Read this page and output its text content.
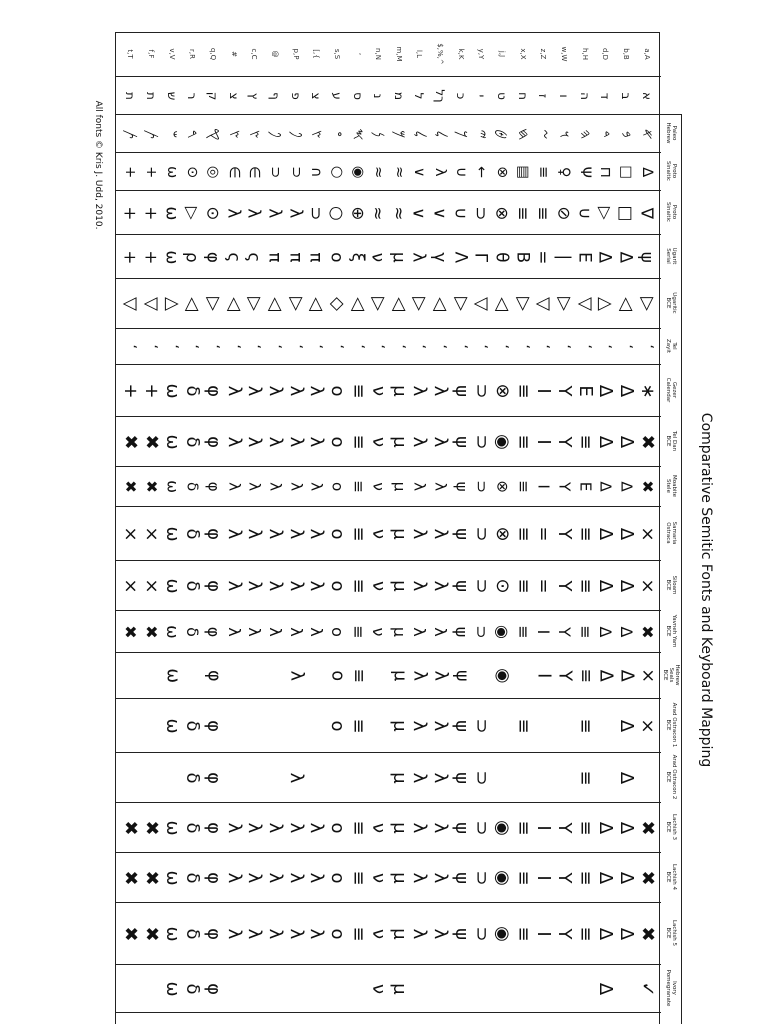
Comparative Semitic Fonts and Keyboard Mapping
All fonts © Kris J. Udd, 2010.
a,A
b,B
d,D
h,H
w,W
z,Z
x,X
j,J
y,Y
k,K
$,%,^
l,L
m,M
n,N
‘
s,S
[,{
p,P
@
c,C
#
q,Q
r,R
v,V
f,F
t,T
א
ב
ד
ה
ו
ז
ח
ט
י
כ
ךל
ל
מ
נ
ס
ע
צ
פ
ף
ץ
צ
ק
ר
ש
ת
ת
𐤀
𐤁
𐤃
𐤄
𐤅
𐤆
𐤇
𐤈
𐤉
𐤊
𐤋
𐤋
𐤌
𐤍
𐤎
𐤏
𐤑
𐤐
𐤐
𐤑
𐤑
𐤒
𐤓
𐤔
𐤕
𐤕
∆
□
⊓
Ψ
♀
≡
▤
⊗
←
∪
λ
∨
≈
≈
◉
○
∩
⊃
⊃
∈
∈
◎
⊙
ω
+
+
∇
□
▷
∪
⊘
≡
≡
⊗
⊃
∪
∨
∨
≈
≈
⊕
○
⊃
λ
λ
λ
λ
⊙
▷
ω
+
+
ψ
Δ
Δ
E
|
=
Β
θ
Γ
Λ
γ
λ
μ
ν
ξ
o
π
π
π
ς
ς
φ
ρ
ω
+
+
▷
◁
△
▽
▷
▽
▷
◁
▽
▷
◁
▷
◁
▷
◁
◇
◁
▷
◁
▷
◁
▷
◁
△
▽
▽
‘
‘
‘
‘
‘
‘
‘
‘
‘
‘
‘
‘
‘
‘
‘
‘
‘
‘
‘
‘
‘
‘
‘
‘
‘
‘
∗
Δ
Δ
E
Y
I
≡
⊗
⊃
ψ
λ
λ
μ
ν
≡
o
λ
λ
λ
λ
λ
φ
δ
ω
+
+
✖
Δ
Δ
≡
Y
I
≡
◉
⊃
ψ
λ
λ
μ
ν
≡
o
λ
λ
λ
λ
λ
φ
δ
ω
✖
✖
✖
Δ
Δ
E
Y
I
≡
⊗
⊃
ψ
λ
λ
μ
ν
≡
o
λ
λ
λ
λ
λ
φ
δ
ω
✖
✖
×
Δ
Δ
≡
Y
=
≡
⊗
⊃
ψ
λ
λ
μ
ν
≡
o
λ
λ
λ
λ
λ
φ
δ
ω
×
×
×
Δ
Δ
≡
Y
=
≡
⊙
⊃
ψ
λ
λ
μ
ν
≡
o
λ
λ
λ
λ
λ
φ
δ
ω
×
×
✖
Δ
Δ
≡
Y
I
≡
◉
⊃
ψ
λ
λ
μ
ν
≡
o
λ
λ
λ
λ
λ
φ
δ
ω
✖
✖
×
Δ
Δ
≡
Y
I
◉
ψ
λ
λ
μ
≡
o
λ
φ
ω
×
Δ
≡
≡
⊃
ψ
λ
λ
μ
≡
o
φ
δ
ω
Δ
≡
⊃
ψ
λ
λ
μ
λ
φ
δ
✖
Δ
Δ
≡
Y
I
≡
◉
⊃
ψ
λ
λ
μ
ν
≡
o
λ
λ
λ
λ
λ
φ
δ
ω
✖
✖
✖
Δ
Δ
≡
Y
I
≡
◉
⊃
ψ
λ
λ
μ
ν
≡
o
λ
λ
λ
λ
λ
φ
δ
ω
✖
✖
✖
Δ
Δ
≡
Y
I
≡
◉
⊃
ψ
λ
λ
μ
ν
≡
o
λ
λ
λ
λ
λ
φ
δ
ω
✖
✖
✓
Δ
μ
ν
φ
δ
ω
Paleo
Hebrew
Proto
Sinaitic
Proto
Sinaitic
Ugarit
Serial
Ugaritic
BCE
Tel
Zayit
Gezer
Calendar
Tel Dan
BCE
Moabite
Stele
Samaria
Ostraca
Siloam
BCE
Yavneh Yam
BCE
Hebrew
Seals
BCE
Arad Ostracon 1
BCE
Arad Ostracon 2
BCE
Lachish 3
BCE
Lachish 4
BCE
Lachish 5
BCE
Ivory
Pomegranate
